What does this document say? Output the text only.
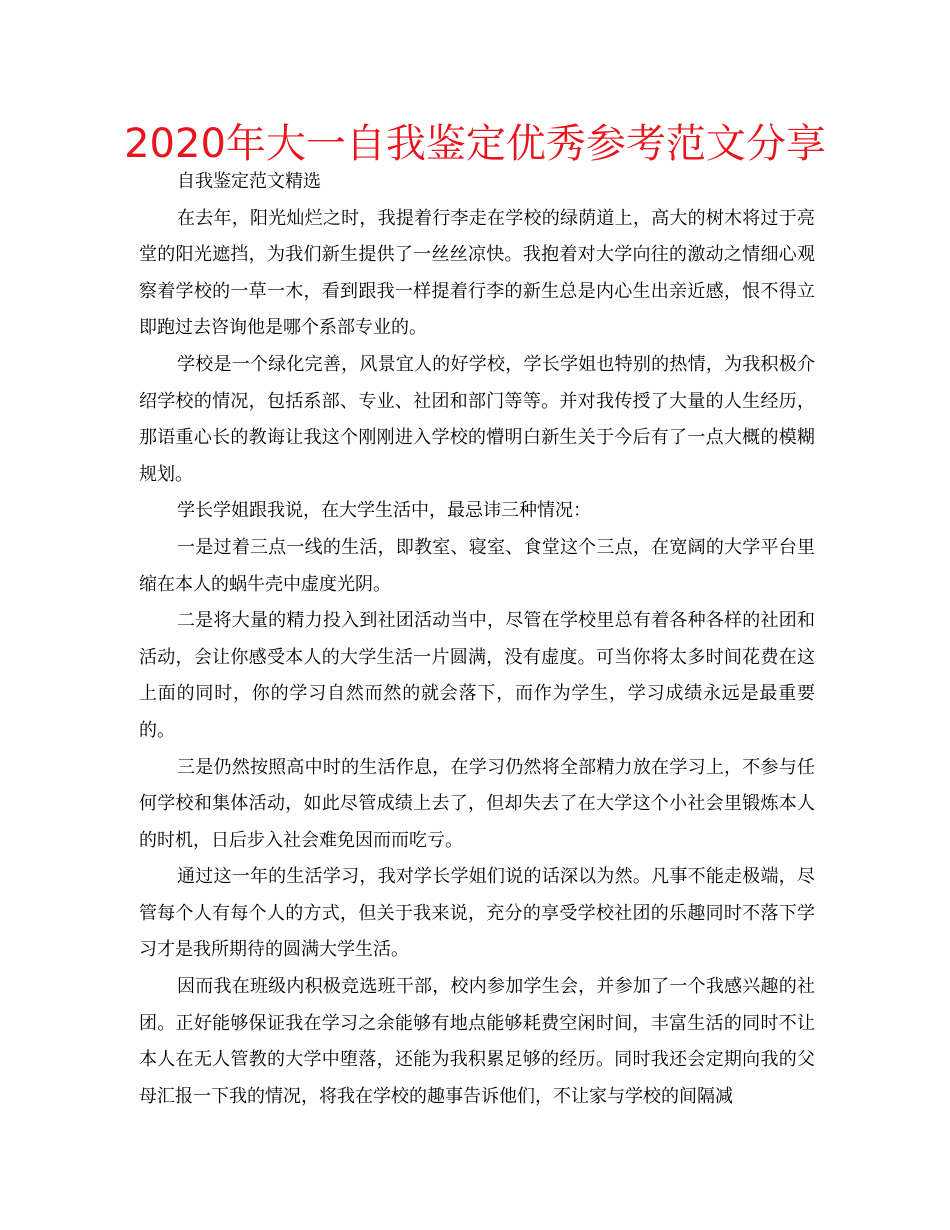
2020年大一自我鉴定优秀参考范文分享

自我鉴定范文精选

在去年，阳光灿烂之时，我提着行李走在学校的绿荫道上，高大的树木将过于亮堂的阳光遮挡，为我们新生提供了一丝丝凉快。我抱着对大学向往的激动之情细心观察着学校的一草一木，看到跟我一样提着行李的新生总是内心生出亲近感，恨不得立即跑过去咨询他是哪个系部专业的。

学校是一个绿化完善，风景宜人的好学校，学长学姐也特别的热情，为我积极介绍学校的情况，包括系部、专业、社团和部门等等。并对我传授了大量的人生经历，那语重心长的教诲让我这个刚刚进入学校的懵明白新生关于今后有了一点大概的模糊规划。

学长学姐跟我说，在大学生活中，最忌讳三种情况：

一是过着三点一线的生活，即教室、寝室、食堂这个三点，在宽阔的大学平台里缩在本人的蜗牛壳中虚度光阴。

二是将大量的精力投入到社团活动当中，尽管在学校里总有着各种各样的社团和活动，会让你感受本人的大学生活一片圆满，没有虚度。可当你将太多时间花费在这上面的同时，你的学习自然而然的就会落下，而作为学生，学习成绩永远是最重要的。

三是仍然按照高中时的生活作息，在学习仍然将全部精力放在学习上，不参与任何学校和集体活动，如此尽管成绩上去了，但却失去了在大学这个小社会里锻炼本人的时机，日后步入社会难免因而而吃亏。

通过这一年的生活学习，我对学长学姐们说的话深以为然。凡事不能走极端，尽管每个人有每个人的方式，但关于我来说，充分的享受学校社团的乐趣同时不落下学习才是我所期待的圆满大学生活。

因而我在班级内积极竞选班干部，校内参加学生会，并参加了一个我感兴趣的社团。正好能够保证我在学习之余能够有地点能够耗费空闲时间，丰富生活的同时不让本人在无人管教的大学中堕落，还能为我积累足够的经历。同时我还会定期向我的父母汇报一下我的情况，将我在学校的趣事告诉他们，不让家与学校的间隔减
